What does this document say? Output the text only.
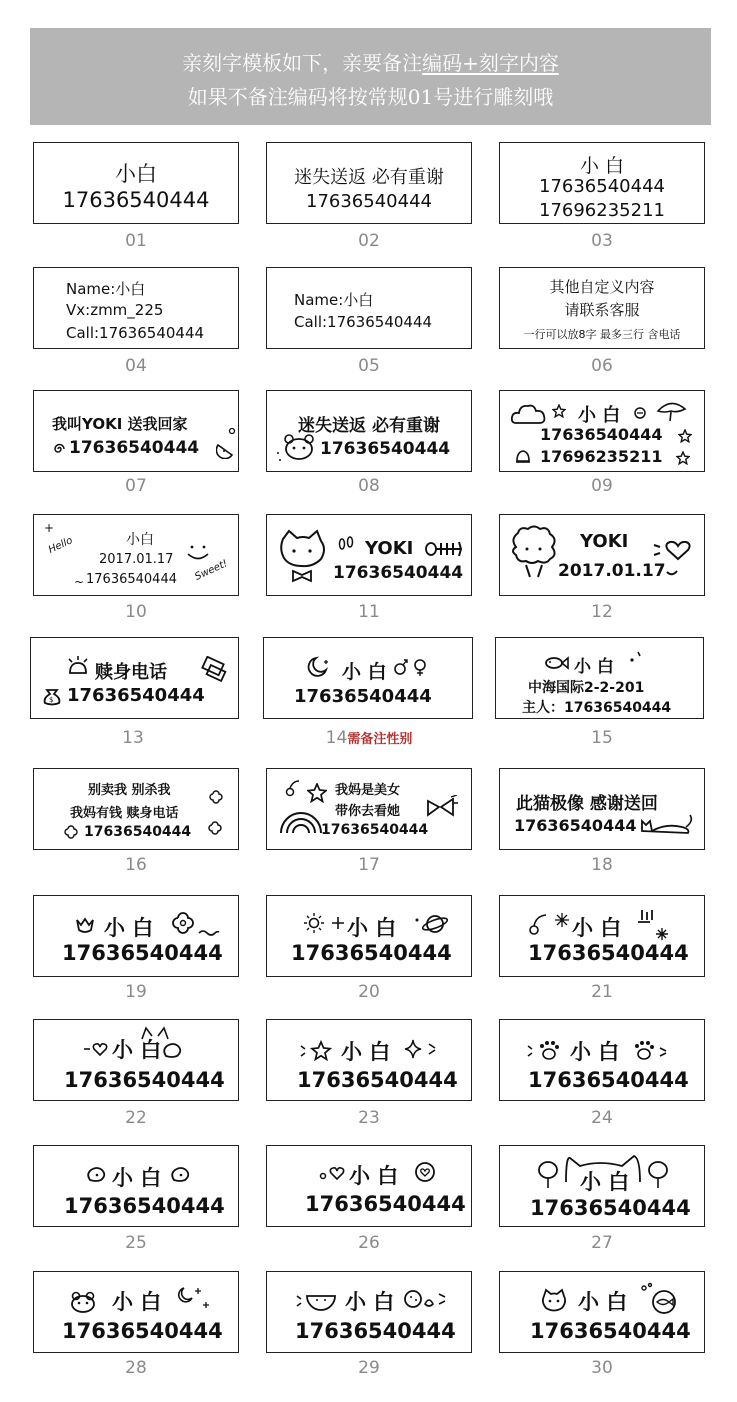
亲刻字模板如下，亲要备注编码+刻字内容
如果不备注编码将按常规01号进行雕刻哦
小白
17636540444
01
迷失送返 必有重谢
17636540444
02
小 白
17636540444
17696235211
03
Name:小白
Vx:zmm_225
Call:17636540444
04
Name:小白
Call:17636540444
05
其他自定义内容
请联系客服
一行可以放8字 最多三行 含电话
06
我叫YOKI 送我回家
17636540444
07
迷失送返 必有重谢
17636540444
08
小 白
17636540444
17696235211
09
小白
Hello
2017.01.17
17636540444 Sweet!
+
~
10
YOKI
17636540444
11
YOKI
2017.01.17
12
赎身电话
$ 17636540444
13
小 白
17636540444
14需备注性别
小 白
中海国际2-2-201
主人：17636540444
15
别卖我 别杀我
我妈有钱 赎身电话
17636540444
16
我妈是美女
带你去看她
17636540444
17
此猫极像 感谢送回
17636540444
18
小 白
17636540444
19
小 白
17636540444
20
小 白
17636540444
21
小 白
17636540444
22
小 白
17636540444
23
小 白
17636540444
24
小 白
17636540444
25
小 白
17636540444
26
小 白
17636540444
27
小 白
17636540444
28
小 白
17636540444
29
小 白
17636540444
30
